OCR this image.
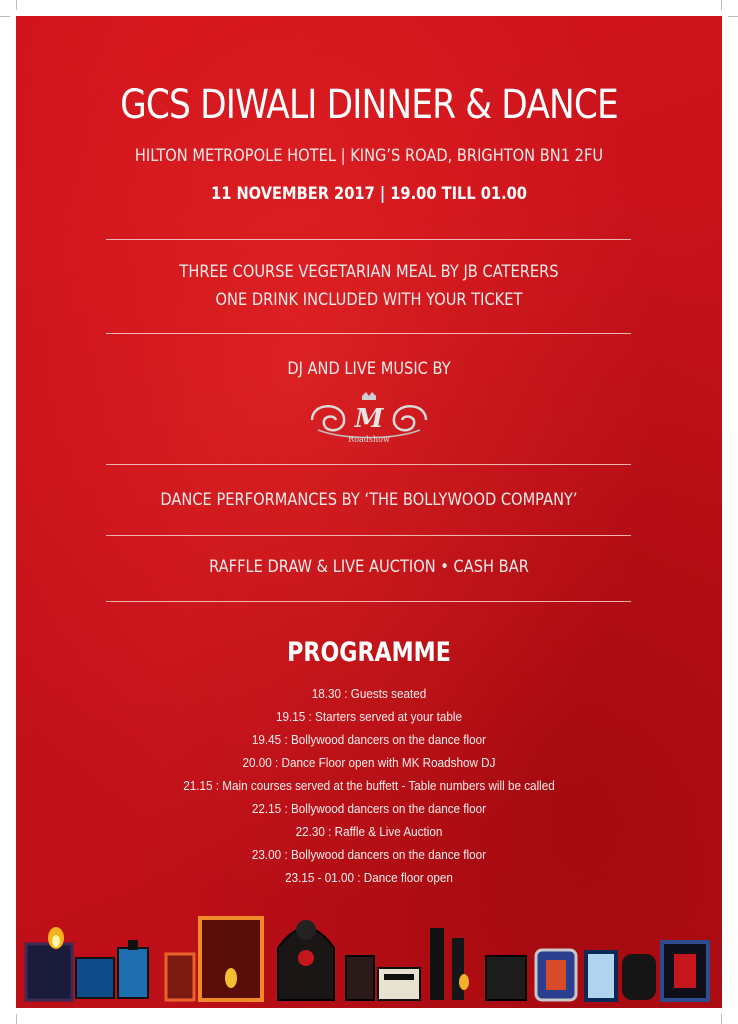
GCS DIWALI DINNER & DANCE
HILTON METROPOLE HOTEL | KING’S ROAD, BRIGHTON BN1 2FU
11 NOVEMBER 2017 | 19.00 TILL 01.00
THREE COURSE VEGETARIAN MEAL BY JB CATERERS
ONE DRINK INCLUDED WITH YOUR TICKET
DJ AND LIVE MUSIC BY
M
Roadshow
DANCE PERFORMANCES BY ‘THE BOLLYWOOD COMPANY’
RAFFLE DRAW & LIVE AUCTION • CASH BAR
PROGRAMME
18.30 : Guests seated
19.15 : Starters served at your table
19.45 : Bollywood dancers on the dance floor
20.00 : Dance Floor open with MK Roadshow DJ
21.15 : Main courses served at the buffett - Table numbers will be called
22.15 : Bollywood dancers on the dance floor
22.30 : Raffle & Live Auction
23.00 : Bollywood dancers on the dance floor
23.15 - 01.00 : Dance floor open
